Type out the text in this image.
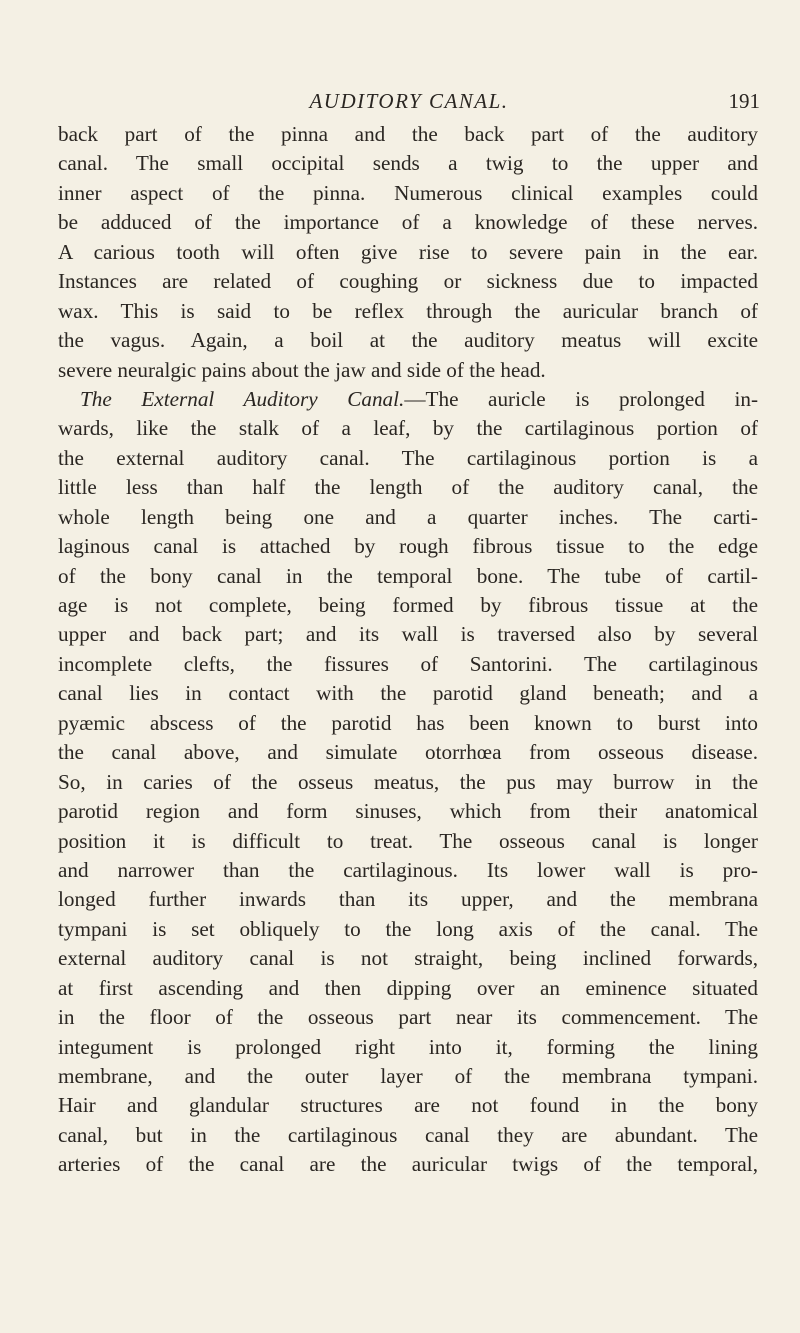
AUDITORY CANAL.	191
back part of the pinna and the back part of the auditory
canal. The small occipital sends a twig to the upper and
inner aspect of the pinna. Numerous clinical examples could
be adduced of the importance of a knowledge of these nerves.
A carious tooth will often give rise to severe pain in the ear.
Instances are related of coughing or sickness due to impacted
wax. This is said to be reflex through the auricular branch of
the vagus. Again, a boil at the auditory meatus will excite
severe neuralgic pains about the jaw and side of the head.
The External Auditory Canal.—The auricle is prolonged in-
wards, like the stalk of a leaf, by the cartilaginous portion of
the external auditory canal. The cartilaginous portion is a
little less than half the length of the auditory canal, the
whole length being one and a quarter inches. The carti-
laginous canal is attached by rough fibrous tissue to the edge
of the bony canal in the temporal bone. The tube of cartil-
age is not complete, being formed by fibrous tissue at the
upper and back part; and its wall is traversed also by several
incomplete clefts, the fissures of Santorini. The cartilaginous
canal lies in contact with the parotid gland beneath; and a
pyæmic abscess of the parotid has been known to burst into
the canal above, and simulate otorrhœa from osseous disease.
So, in caries of the osseus meatus, the pus may burrow in the
parotid region and form sinuses, which from their anatomical
position it is difficult to treat. The osseous canal is longer
and narrower than the cartilaginous. Its lower wall is pro-
longed further inwards than its upper, and the membrana
tympani is set obliquely to the long axis of the canal. The
external auditory canal is not straight, being inclined forwards,
at first ascending and then dipping over an eminence situated
in the floor of the osseous part near its commencement. The
integument is prolonged right into it, forming the lining
membrane, and the outer layer of the membrana tympani.
Hair and glandular structures are not found in the bony
canal, but in the cartilaginous canal they are abundant. The
arteries of the canal are the auricular twigs of the temporal,
